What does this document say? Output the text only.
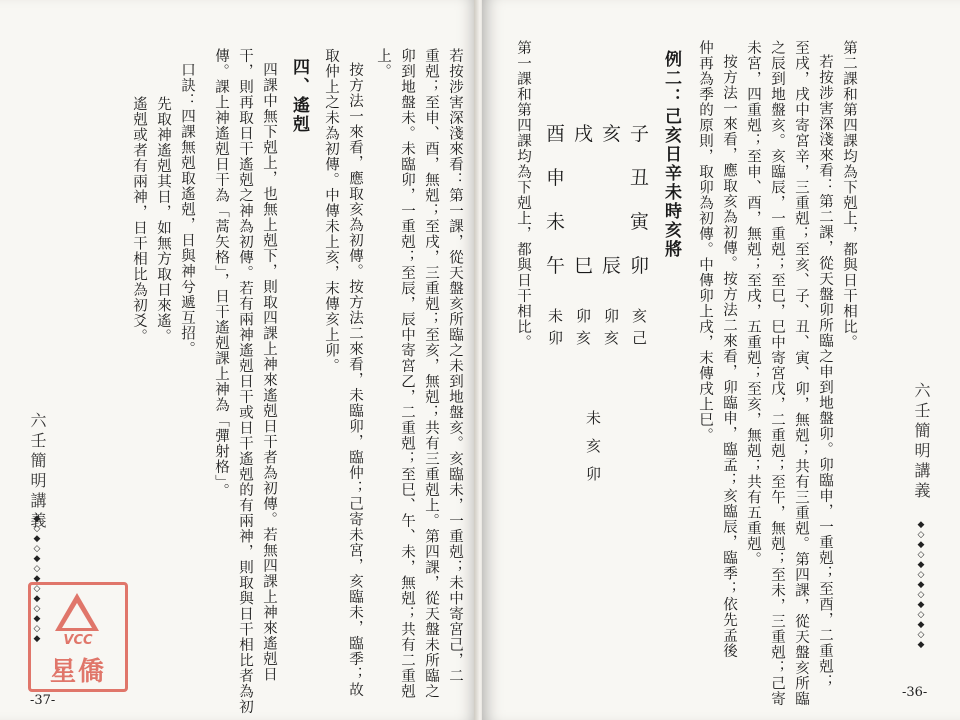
若按涉害深淺來看：第一課，從天盤亥所臨之未到地盤亥。亥臨未，一重剋；未中寄宮己，二
重剋；至申、酉，無剋；至戌，三重剋；至亥，無剋；共有三重剋上。第四課，從天盤未所臨之
卯到地盤未。未臨卯，一重剋；至辰，辰中寄宮乙，二重剋；至巳、午、未，無剋；共有二重剋
上。
按方法一來看，應取亥為初傳。按方法二來看，未臨卯，臨仲；己寄未宮，亥臨未，臨季；故
取仲上之未為初傳。中傳未上亥，末傳亥上卯。
四、遙剋
四課中無下剋上，也無上剋下，則取四課上神來遙剋日干者為初傳。若無四課上神來遙剋日
干，則再取日干遙剋之神為初傳。若有兩神遙剋日干或日干遙剋的有兩神，則取與日干相比者為初
傳。課上神遙剋日干為「蒿矢格」，日干遙剋課上神為「彈射格」。
口訣：四課無剋取遙剋，日與神兮遞互招。
先取神遙剋其日，如無方取日來遙。
遙剋或者有兩神，日干相比為初爻。
六壬簡明講義
◆◇◆◇◆◇◆◇◆◇◆◇◆
-37-
VCC
星僑
第二課和第四課均為下剋上，都與日干相比。
若按涉害深淺來看：第二課，從天盤卯所臨之申到地盤卯。卯臨申，一重剋；至酉，二重剋；
至戌，戌中寄宮辛，三重剋；至亥、子、丑、寅、卯，無剋；共有三重剋。第四課，從天盤亥所臨
之辰到地盤亥。亥臨辰，一重剋；至巳，巳中寄宮戊，二重剋；至午，無剋；至未，三重剋；己寄
未宮，四重剋；至申、酉，無剋；至戌，五重剋；至亥，無剋；共有五重剋。
按方法一來看，應取亥為初傳。按方法二來看，卯臨申，臨孟；亥臨辰，臨季；依先孟後
仲再為季的原則，取卯為初傳。中傳卯上戌，末傳戌上巳。
例二：己亥日辛未時亥將
子
丑
寅
卯
亥
辰
戌
巳
酉
申
未
午
亥
己
卯
亥
卯
亥
未
卯
未
亥
卯
第一課和第四課均為下剋上，都與日干相比。
六壬簡明講義
◆◇◆◇◆◇◆◇◆◇◆◇◆
-36-
